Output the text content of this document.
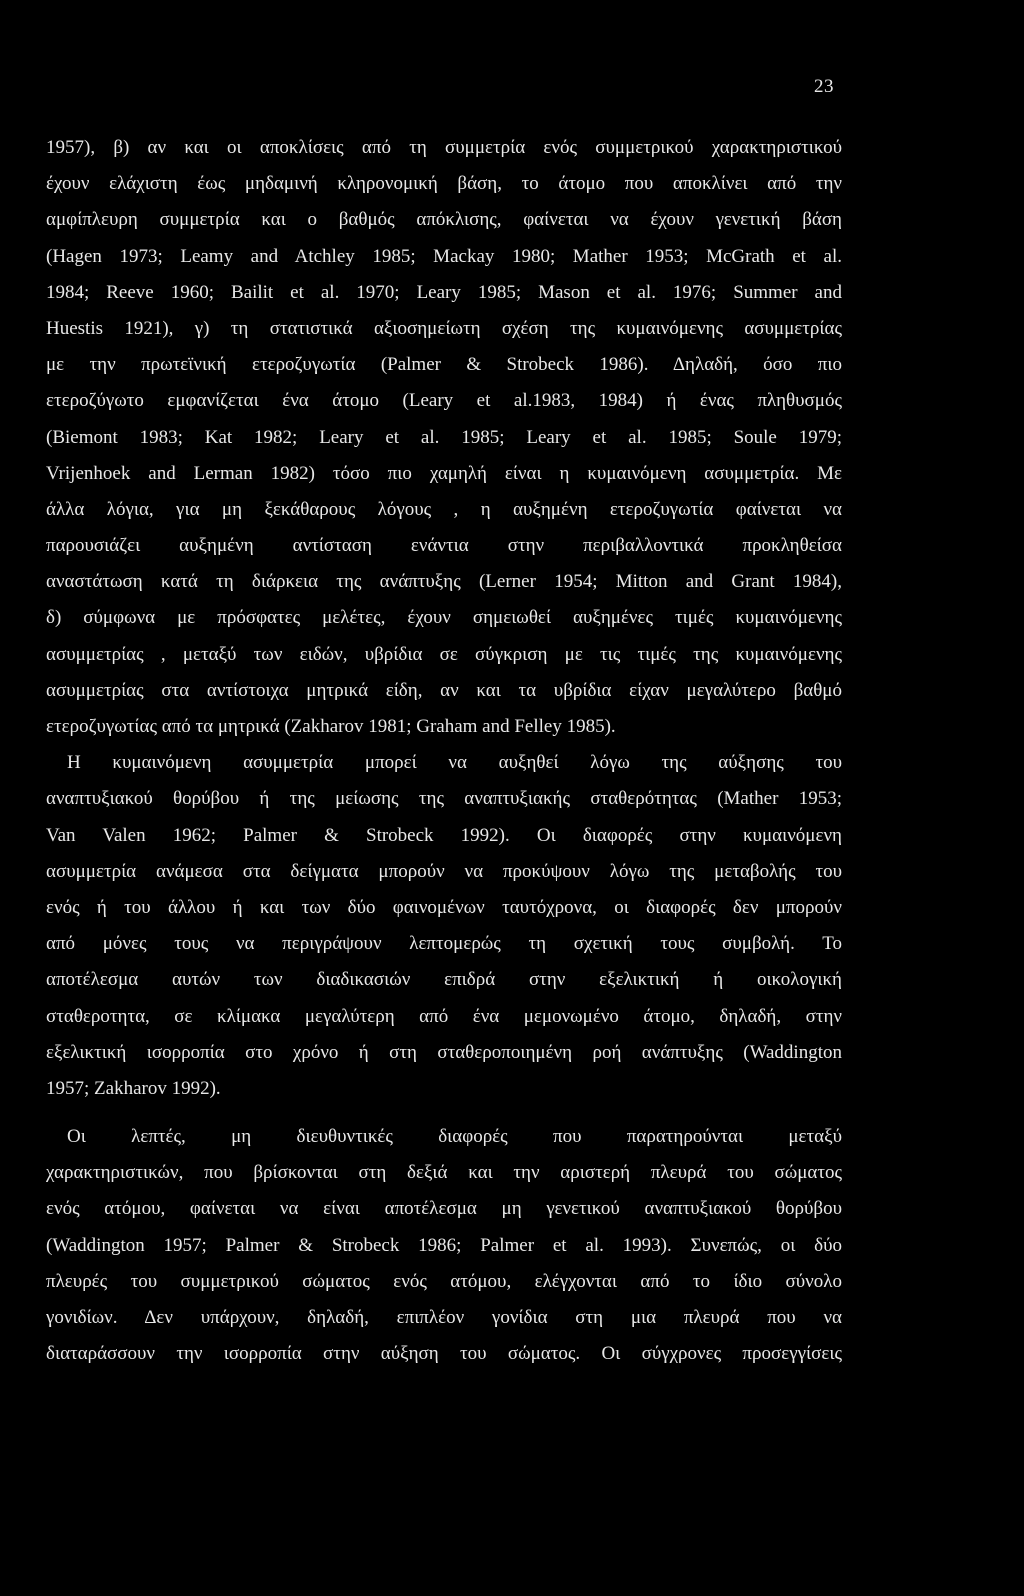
23
1957), β) αν και οι αποκλίσεις από τη συμμετρία ενός συμμετρικού χαρακτηριστικού
έχουν ελάχιστη έως μηδαμινή κληρονομική βάση, το άτομο που αποκλίνει από την
αμφίπλευρη συμμετρία και ο βαθμός απόκλισης, φαίνεται να έχουν γενετική βάση
(Hagen 1973; Leamy and Atchley 1985; Mackay 1980; Mather 1953; McGrath et al.
1984; Reeve 1960; Bailit et al. 1970; Leary 1985; Mason et al. 1976; Summer and
Huestis 1921), γ) τη στατιστικά αξιοσημείωτη σχέση της κυμαινόμενης ασυμμετρίας
με την πρωτεϊνική ετεροζυγωτία (Palmer & Strobeck 1986). Δηλαδή, όσο πιο
ετεροζύγωτο εμφανίζεται ένα άτομο (Leary et al.1983, 1984) ή ένας πληθυσμός
(Biemont 1983; Kat 1982; Leary et al. 1985; Leary et al. 1985; Soule 1979;
Vrijenhoek and Lerman 1982) τόσο πιο χαμηλή είναι η κυμαινόμενη ασυμμετρία. Με
άλλα λόγια, για μη ξεκάθαρους λόγους , η αυξημένη ετεροζυγωτία φαίνεται να
παρουσιάζει αυξημένη αντίσταση ενάντια στην περιβαλλοντικά προκληθείσα
αναστάτωση κατά τη διάρκεια της ανάπτυξης (Lerner 1954; Mitton and Grant 1984),
δ) σύμφωνα με πρόσφατες μελέτες, έχουν σημειωθεί αυξημένες τιμές κυμαινόμενης
ασυμμετρίας , μεταξύ των ειδών, υβρίδια σε σύγκριση με τις τιμές της κυμαινόμενης
ασυμμετρίας στα αντίστοιχα μητρικά είδη, αν και τα υβρίδια είχαν μεγαλύτερο βαθμό
ετεροζυγωτίας από τα μητρικά (Zakharov 1981; Graham and Felley 1985).
Η κυμαινόμενη ασυμμετρία μπορεί να αυξηθεί λόγω της αύξησης του
αναπτυξιακού θορύβου ή της μείωσης της αναπτυξιακής σταθερότητας (Mather 1953;
Van Valen 1962; Palmer & Strobeck 1992). Οι διαφορές στην κυμαινόμενη
ασυμμετρία ανάμεσα στα δείγματα μπορούν να προκύψουν λόγω της μεταβολής του
ενός ή του άλλου ή και των δύο φαινομένων ταυτόχρονα, οι διαφορές δεν μπορούν
από μόνες τους να περιγράψουν λεπτομερώς τη σχετική τους συμβολή. Το
αποτέλεσμα αυτών των διαδικασιών επιδρά στην εξελικτική ή οικολογική
σταθεροτητα, σε κλίμακα μεγαλύτερη από ένα μεμονωμένο άτομο, δηλαδή, στην
εξελικτική ισορροπία στο χρόνο ή στη σταθεροποιημένη ροή ανάπτυξης (Waddington
1957; Zakharov 1992).
Οι λεπτές, μη διευθυντικές διαφορές που παρατηρούνται μεταξύ
χαρακτηριστικών, που βρίσκονται στη δεξιά και την αριστερή πλευρά του σώματος
ενός ατόμου, φαίνεται να είναι αποτέλεσμα μη γενετικού αναπτυξιακού θορύβου
(Waddington 1957; Palmer & Strobeck 1986; Palmer et al. 1993). Συνεπώς, οι δύο
πλευρές του συμμετρικού σώματος ενός ατόμου, ελέγχονται από το ίδιο σύνολο
γονιδίων. Δεν υπάρχουν, δηλαδή, επιπλέον γονίδια στη μια πλευρά που να
διαταράσσουν την ισορροπία στην αύξηση του σώματος. Οι σύγχρονες προσεγγίσεις
